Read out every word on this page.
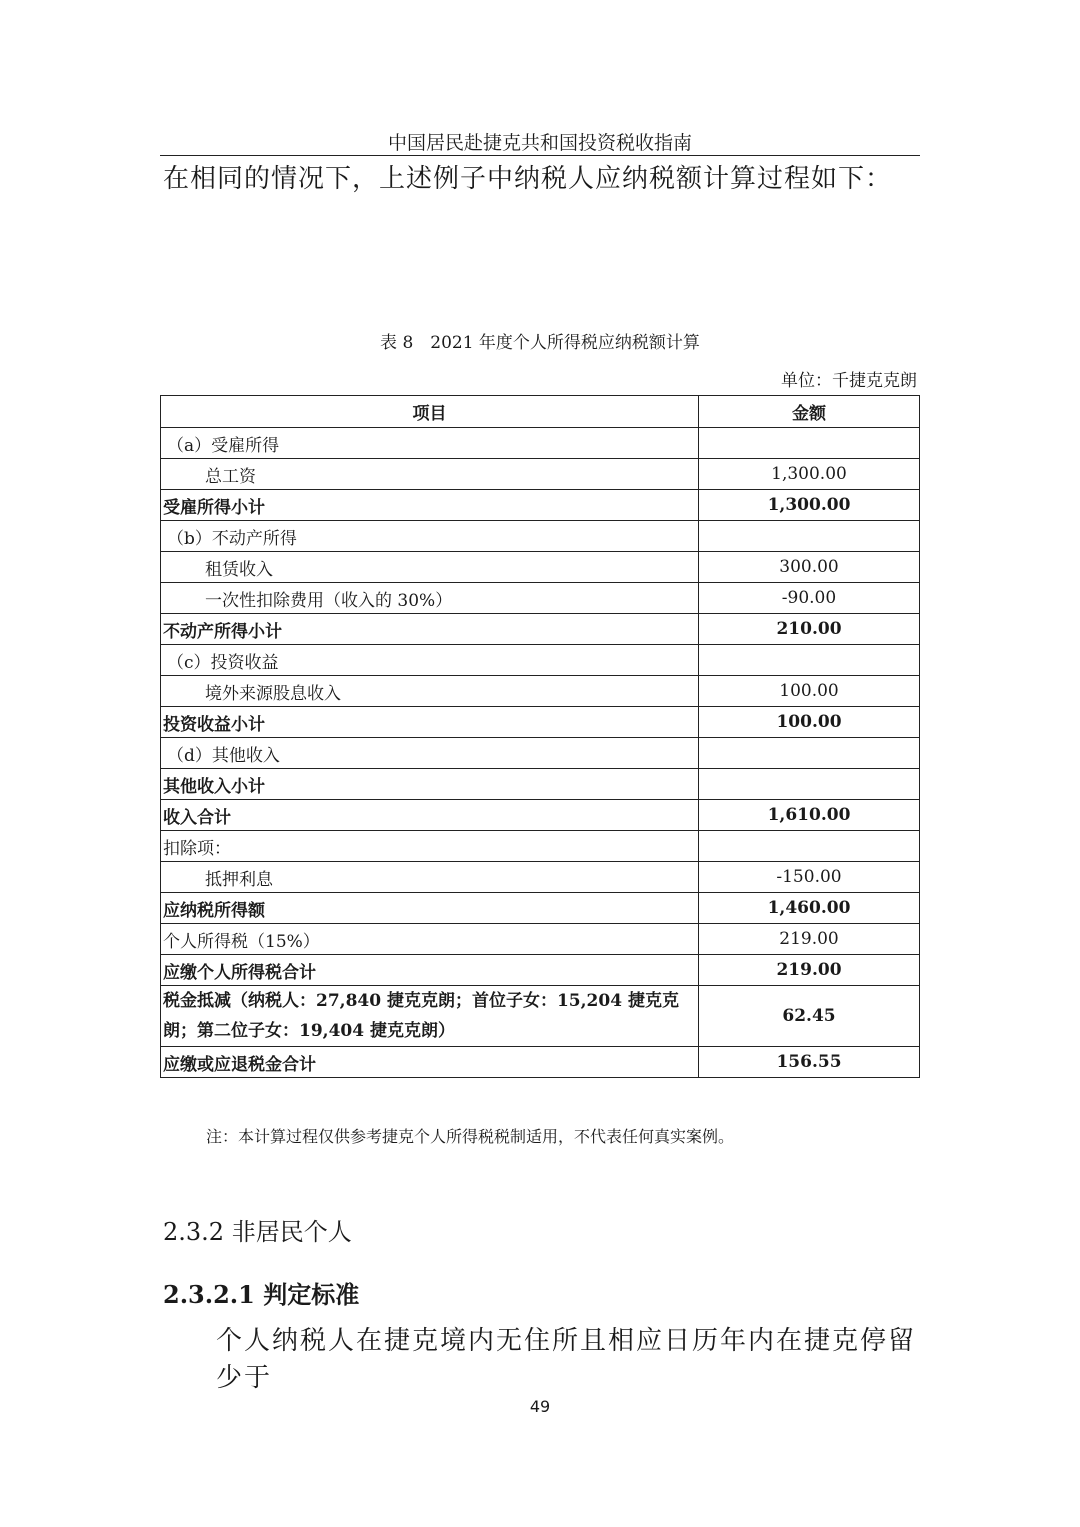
中国居民赴捷克共和国投资税收指南
在相同的情况下，上述例子中纳税人应纳税额计算过程如下：
表 8　2021 年度个人所得税应纳税额计算
单位：千捷克克朗
项目	金额
（a）受雇所得	
总工资	1,300.00
受雇所得小计	1,300.00
（b）不动产所得	
租赁收入	300.00
一次性扣除费用（收入的 30%）	-90.00
不动产所得小计	210.00
（c）投资收益	
境外来源股息收入	100.00
投资收益小计	100.00
（d）其他收入	
其他收入小计	
收入合计	1,610.00
扣除项：	
抵押利息	-150.00
应纳税所得额	1,460.00
个人所得税（15%）	219.00
应缴个人所得税合计	219.00
税金抵减（纳税人：27,840 捷克克朗；首位子女：15,204 捷克克朗；第二位子女：19,404 捷克克朗）	62.45
应缴或应退税金合计	156.55
注：本计算过程仅供参考捷克个人所得税税制适用，不代表任何真实案例。
2.3.2 非居民个人
2.3.2.1 判定标准
个人纳税人在捷克境内无住所且相应日历年内在捷克停留少于
49
